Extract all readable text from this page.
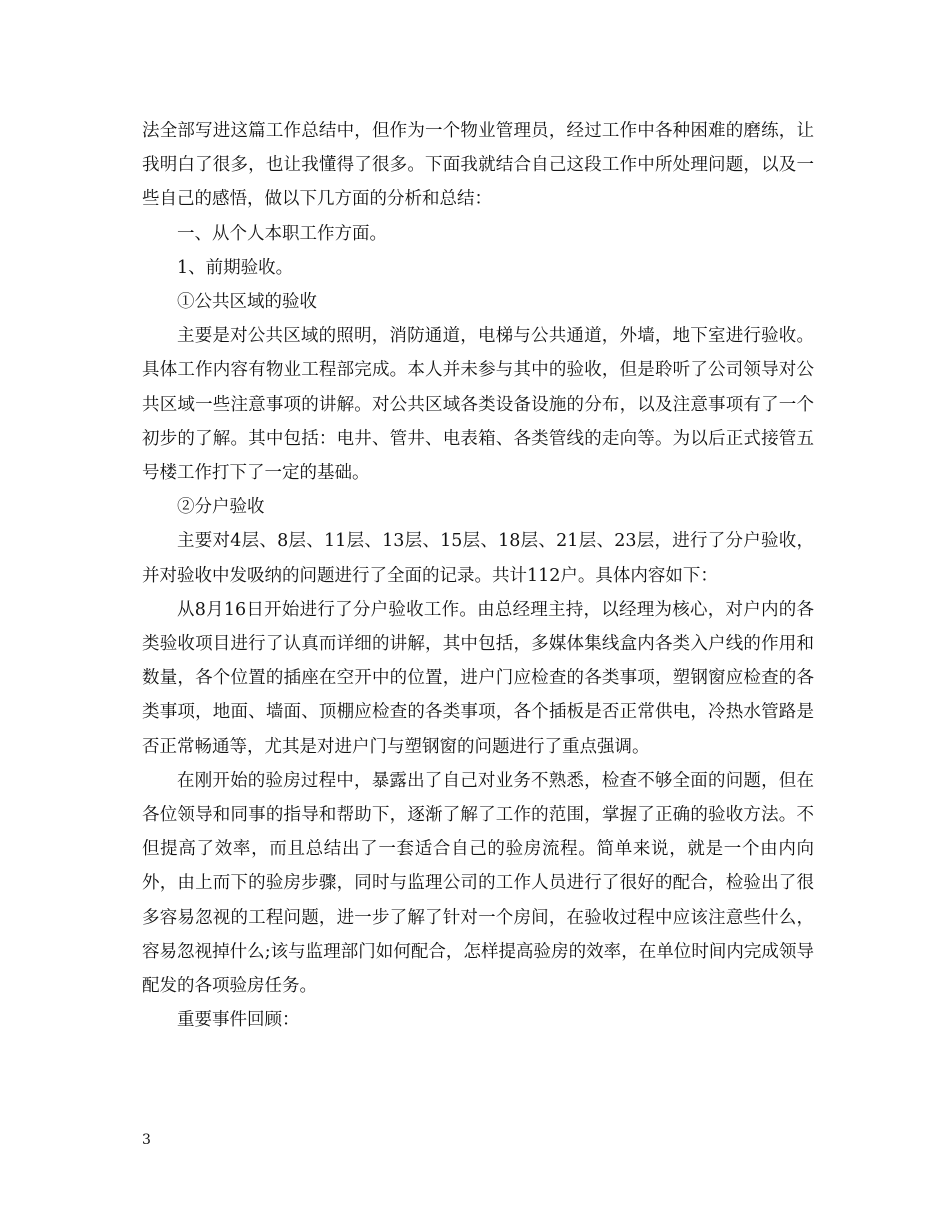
法全部写进这篇工作总结中，但作为一个物业管理员，经过工作中各种困难的磨练，让我明白了很多，也让我懂得了很多。下面我就结合自己这段工作中所处理问题，以及一些自己的感悟，做以下几方面的分析和总结：

一、从个人本职工作方面。

1、前期验收。

①公共区域的验收

主要是对公共区域的照明，消防通道，电梯与公共通道，外墙，地下室进行验收。具体工作内容有物业工程部完成。本人并未参与其中的验收，但是聆听了公司领导对公共区域一些注意事项的讲解。对公共区域各类设备设施的分布，以及注意事项有了一个初步的了解。其中包括：电井、管井、电表箱、各类管线的走向等。为以后正式接管五号楼工作打下了一定的基础。

②分户验收

主要对4层、8层、11层、13层、15层、18层、21层、23层，进行了分户验收，并对验收中发吸纳的问题进行了全面的记录。共计112户。具体内容如下：

从8月16日开始进行了分户验收工作。由总经理主持，以经理为核心，对户内的各类验收项目进行了认真而详细的讲解，其中包括，多媒体集线盒内各类入户线的作用和数量，各个位置的插座在空开中的位置，进户门应检查的各类事项，塑钢窗应检查的各类事项，地面、墙面、顶棚应检查的各类事项，各个插板是否正常供电，冷热水管路是否正常畅通等，尤其是对进户门与塑钢窗的问题进行了重点强调。

在刚开始的验房过程中，暴露出了自己对业务不熟悉，检查不够全面的问题，但在各位领导和同事的指导和帮助下，逐渐了解了工作的范围，掌握了正确的验收方法。不但提高了效率，而且总结出了一套适合自己的验房流程。简单来说，就是一个由内向外，由上而下的验房步骤，同时与监理公司的工作人员进行了很好的配合，检验出了很多容易忽视的工程问题，进一步了解了针对一个房间，在验收过程中应该注意些什么，容易忽视掉什么;该与监理部门如何配合，怎样提高验房的效率，在单位时间内完成领导配发的各项验房任务。

重要事件回顾：

3
